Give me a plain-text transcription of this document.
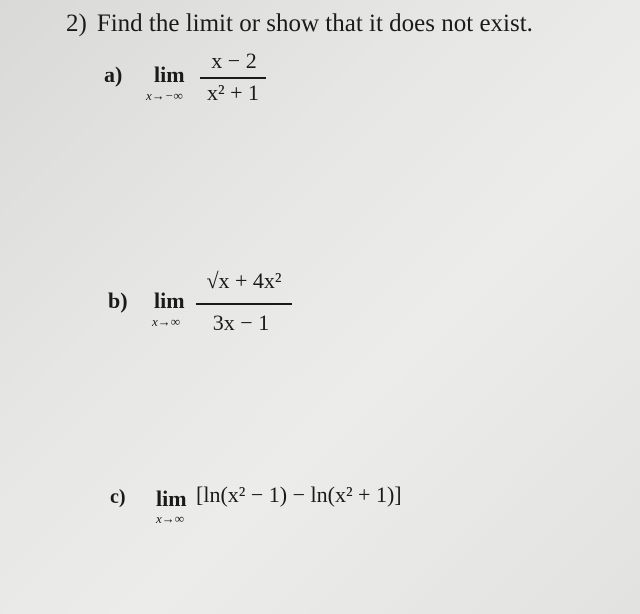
2) Find the limit or show that it does not exist.
a) lim
x→−∞
x − 2
x² + 1
b) lim
x→∞
√x + 4x²
3x − 1
c) lim
x→∞
[ln(x² − 1) − ln(x² + 1)]
